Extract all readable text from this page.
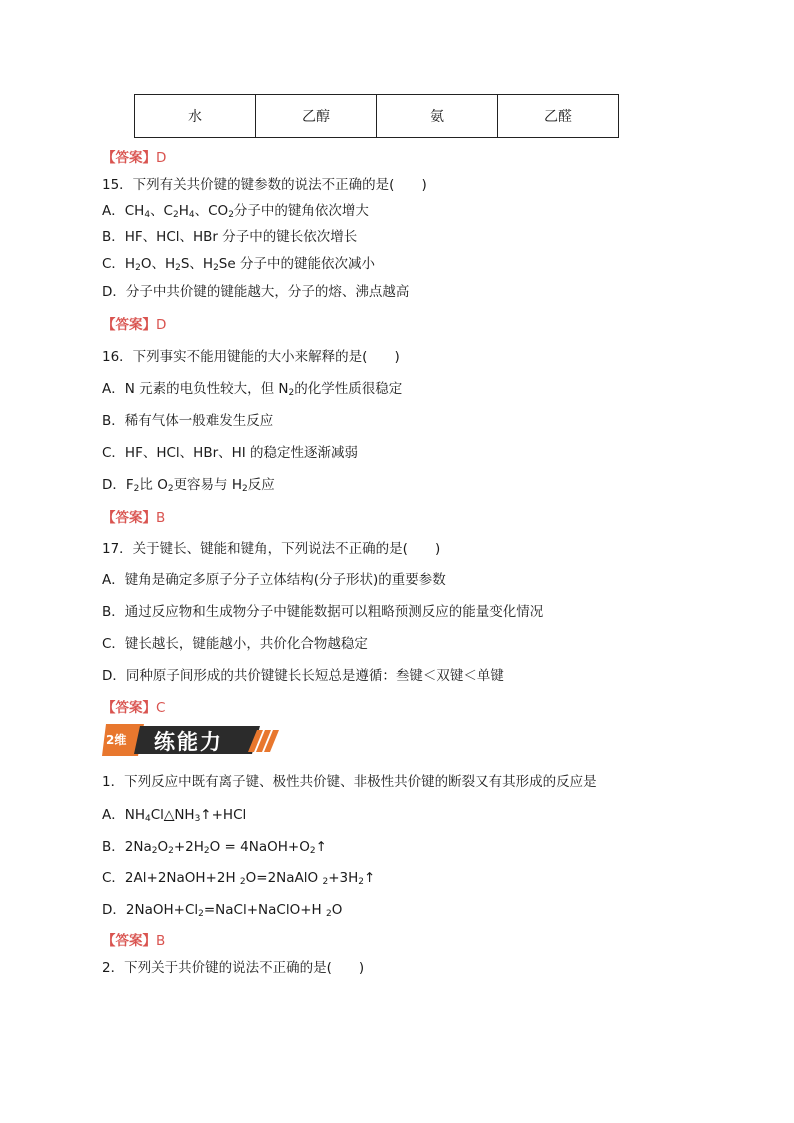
水	乙醇	氨	乙醛
【答案】D
15．下列有关共价键的键参数的说法不正确的是(　　)
A．$CH_4$、$C_2H_4$、$CO_2$分子中的键角依次增大
B．HF、HCl、HBr 分子中的键长依次增长
C．$H_2O$、$H_2S$、$H_2Se$ 分子中的键能依次减小
D．分子中共价键的键能越大，分子的熔、沸点越高
【答案】D
16．下列事实不能用键能的大小来解释的是(　　)
A．N 元素的电负性较大，但 $N_2$的化学性质很稳定
B．稀有气体一般难发生反应
C．HF、HCl、HBr、HI 的稳定性逐渐减弱
D．$F_2$比 $O_2$更容易与 $H_2$反应
【答案】B
17．关于键长、键能和键角，下列说法不正确的是(　　)
A．键角是确定多原子分子立体结构(分子形状)的重要参数
B．通过反应物和生成物分子中键能数据可以粗略预测反应的能量变化情况
C．键长越长，键能越小，共价化合物越稳定
D．同种原子间形成的共价键键长长短总是遵循：叁键＜双键＜单键
【答案】C
2维 练能力
1．下列反应中既有离子键、极性共价键、非极性共价键的断裂又有其形成的反应是
A．$NH_4Cl\triangle NH_3↑+HCl$
B．$2Na_2O_2+2H_2O$ = $4NaOH+O_2↑$
C．2Al+2NaOH+2H $_2$O=2NaAlO $_2+3H_2↑$
D．$2NaOH+Cl_2=NaCl+NaClO+H$ $_2$O
【答案】B
2．下列关于共价键的说法不正确的是(　　)
